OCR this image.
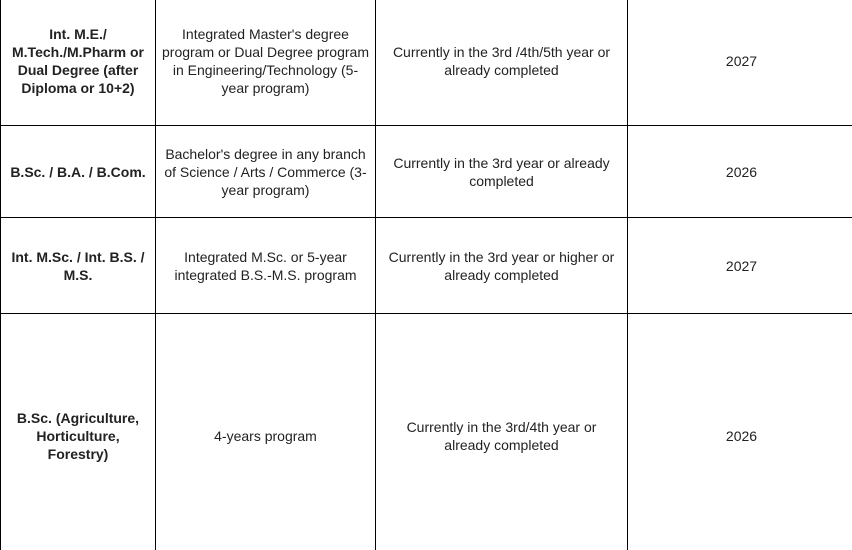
Int. M.E./ M.Tech./M.Pharm or Dual Degree (after Diploma or 10+2)	Integrated Master's degree program or Dual Degree program in Engineering/Technology (5-year program)	Currently in the 3rd /4th/5th year or already completed	2027
B.Sc. / B.A. / B.Com.	Bachelor's degree in any branch of Science / Arts / Commerce (3-year program)	Currently in the 3rd year or already completed	2026
Int. M.Sc. / Int. B.S. / M.S.	Integrated M.Sc. or 5-year integrated B.S.-M.S. program	Currently in the 3rd year or higher or already completed	2027
B.Sc. (Agriculture, Horticulture, Forestry)	4-years program	Currently in the 3rd/4th year or already completed	2026
